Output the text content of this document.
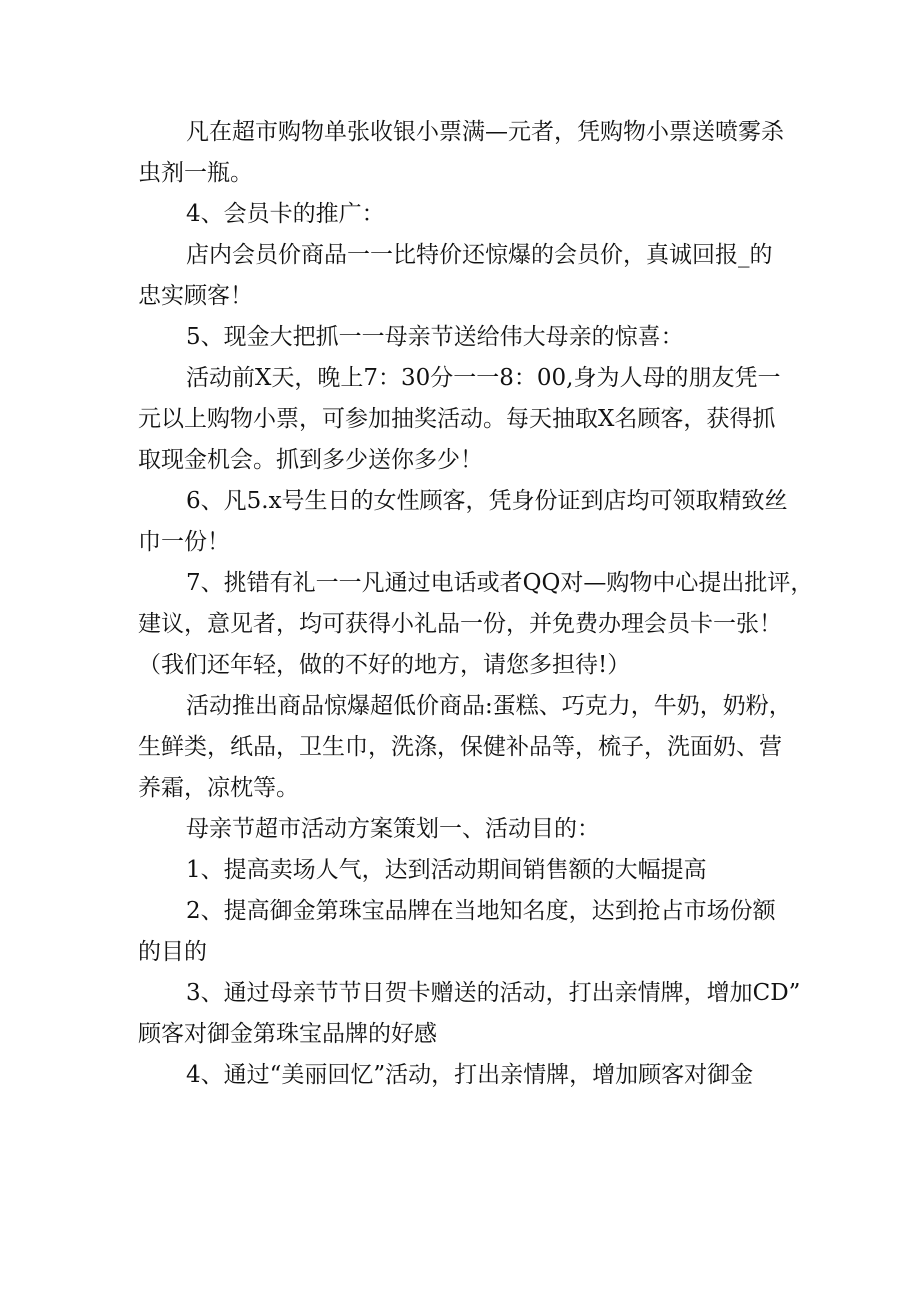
凡在超市购物单张收银小票满—元者，凭购物小票送喷雾杀
虫剂一瓶。

4、会员卡的推广：

店内会员价商品一一比特价还惊爆的会员价，真诚回报_的
忠实顾客！

5、现金大把抓一一母亲节送给伟大母亲的惊喜：

活动前X天，晚上7：30分一一8：00,身为人母的朋友凭一
元以上购物小票，可参加抽奖活动。每天抽取X名顾客，获得抓
取现金机会。抓到多少送你多少！

6、凡5.x号生日的女性顾客，凭身份证到店均可领取精致丝
巾一份！

7、挑错有礼一一凡通过电话或者QQ对—购物中心提出批评，
建议，意见者，均可获得小礼品一份，并免费办理会员卡一张！
（我们还年轻，做的不好的地方，请您多担待!）

活动推出商品惊爆超低价商品:蛋糕、巧克力，牛奶，奶粉，
生鲜类，纸品，卫生巾，洗涤，保健补品等，梳子，洗面奶、营
养霜，凉枕等。

母亲节超市活动方案策划一、活动目的：

1、提高卖场人气，达到活动期间销售额的大幅提高

2、提高御金第珠宝品牌在当地知名度，达到抢占市场份额
的目的

3、通过母亲节节日贺卡赠送的活动，打出亲情牌，增加CD”
顾客对御金第珠宝品牌的好感

4、通过“美丽回忆”活动，打出亲情牌，增加顾客对御金
